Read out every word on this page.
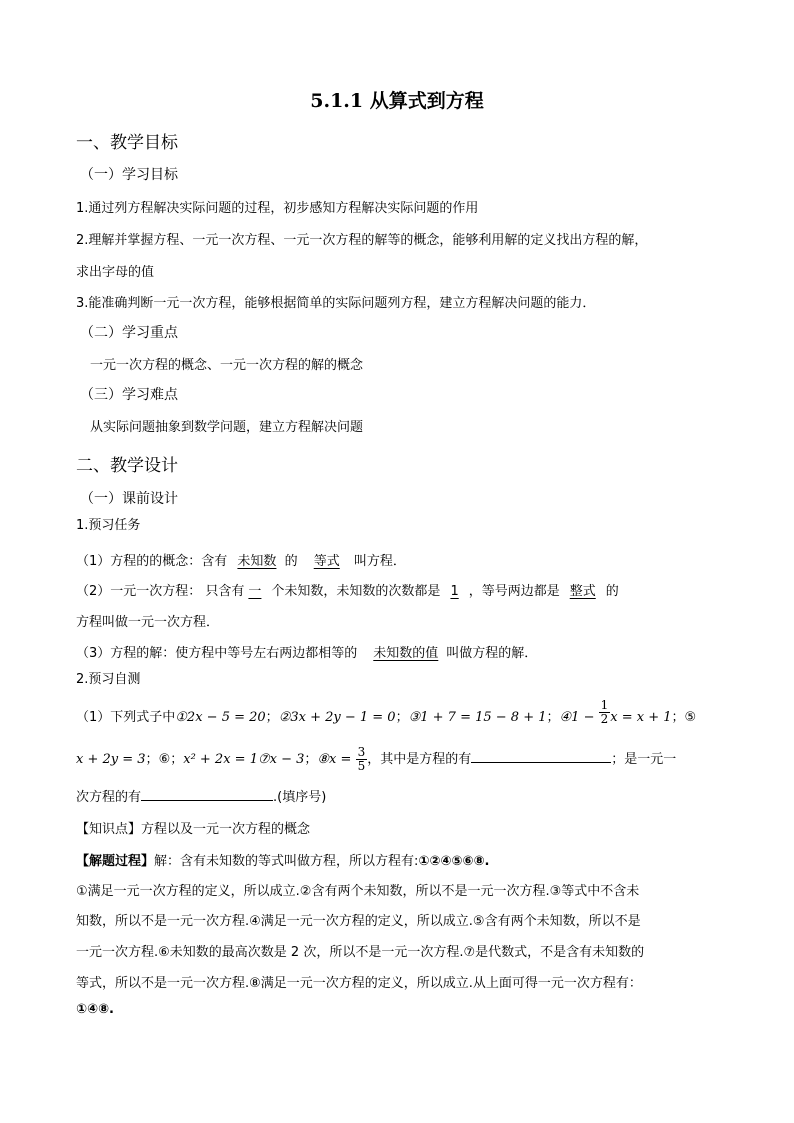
5.1.1 从算式到方程
一、教学目标
（一）学习目标
1.通过列方程解决实际问题的过程，初步感知方程解决实际问题的作用
2.理解并掌握方程、一元一次方程、一元一次方程的解等的概念，能够利用解的定义找出方程的解，
求出字母的值
3.能准确判断一元一次方程，能够根据简单的实际问题列方程，建立方程解决问题的能力．
（二）学习重点
一元一次方程的概念、一元一次方程的解的概念
（三）学习难点
从实际问题抽象到数学问题，建立方程解决问题
二、教学设计
（一）课前设计
1.预习任务
（1）方程的的概念：含有 未知数 的 等式 叫方程．
（2）一元一次方程： 只含有 一 个未知数，未知数的次数都是 1 ，等号两边都是 整式 的
方程叫做一元一次方程．
（3）方程的解：使方程中等号左右两边都相等的 未知数的值 叫做方程的解．
2.预习自测
（1）下列式子中①2x − 5 = 20；②3x + 2y − 1 = 0；③1 + 7 = 15 − 8 + 1；④1 − $\frac{1}{2}$ x = x + 1；⑤
x + 2y = 3；⑥；x² + 2x = 1⑦x − 3；⑧x = $\frac{3}{5}$ ，其中是方程的有	；是一元一
次方程的有	.(填序号)
【知识点】方程以及一元一次方程的概念
【解题过程】解：含有未知数的等式叫做方程，所以方程有:①②④⑤⑥⑧.
①满足一元一次方程的定义，所以成立.②含有两个未知数，所以不是一元一次方程.③等式中不含未
知数，所以不是一元一次方程.④满足一元一次方程的定义，所以成立.⑤含有两个未知数，所以不是
一元一次方程.⑥未知数的最高次数是 2 次，所以不是一元一次方程.⑦是代数式，不是含有未知数的
等式，所以不是一元一次方程.⑧满足一元一次方程的定义，所以成立.从上面可得一元一次方程有：
①④⑧.
